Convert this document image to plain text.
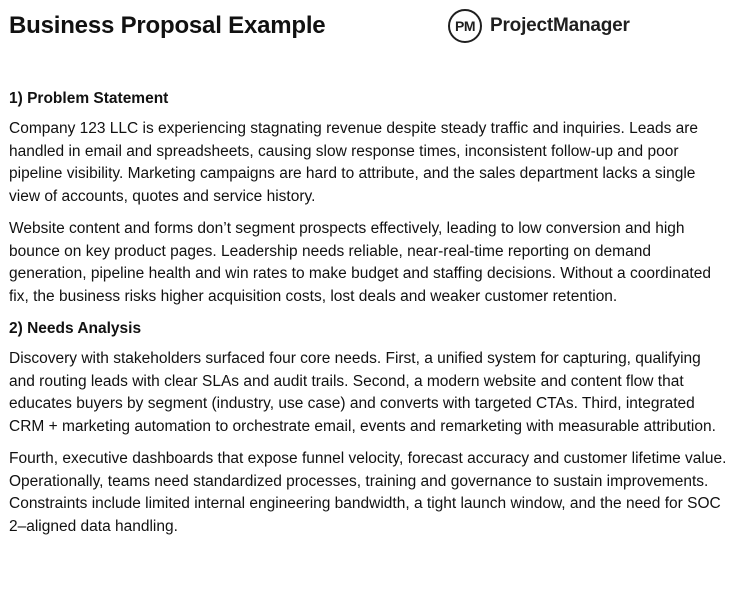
Business Proposal Example	PM ProjectManager
1) Problem Statement

Company 123 LLC is experiencing stagnating revenue despite steady traffic and inquiries. Leads are handled in email and spreadsheets, causing slow response times, inconsistent follow-up and poor pipeline visibility. Marketing campaigns are hard to attribute, and the sales department lacks a single view of accounts, quotes and service history.

Website content and forms don’t segment prospects effectively, leading to low conversion and high bounce on key product pages. Leadership needs reliable, near-real-time reporting on demand generation, pipeline health and win rates to make budget and staffing decisions. Without a coordinated fix, the business risks higher acquisition costs, lost deals and weaker customer retention.

2) Needs Analysis

Discovery with stakeholders surfaced four core needs. First, a unified system for capturing, qualifying and routing leads with clear SLAs and audit trails. Second, a modern website and content flow that educates buyers by segment (industry, use case) and converts with targeted CTAs. Third, integrated CRM + marketing automation to orchestrate email, events and remarketing with measurable attribution.

Fourth, executive dashboards that expose funnel velocity, forecast accuracy and customer lifetime value. Operationally, teams need standardized processes, training and governance to sustain improvements. Constraints include limited internal engineering bandwidth, a tight launch window, and the need for SOC 2–aligned data handling.
